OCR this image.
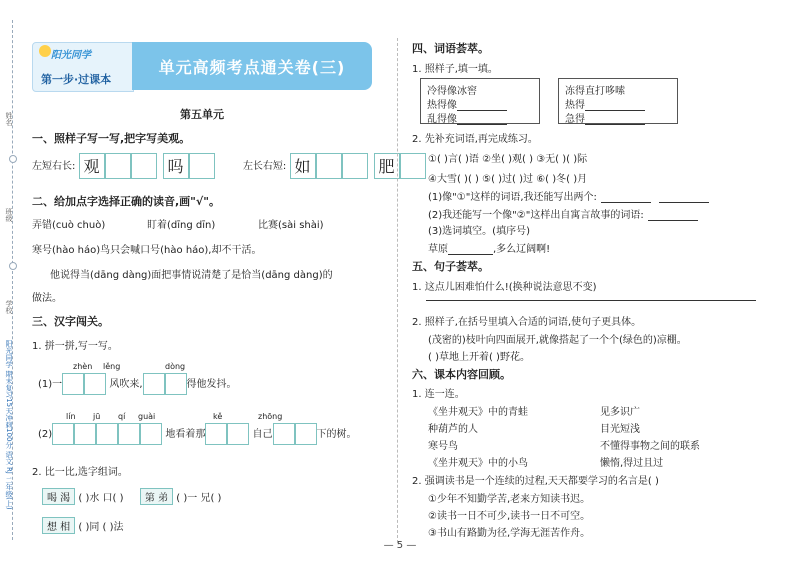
姓名
班级
学校
阳光同学 期末复习15天冲刺100分 语文 RJ 二年级(上)
阳光同学
第一步·过课本
单元高频考点通关卷(三)
第五单元
一、照样子写一写,把字写美观。
左短右长: 观	吗	左长右短: 如	肥
二、给加点字选择正确的读音,画"√"。
弄错(cuò chuò)	盯着(dīng dīn)	比赛(sài shài)
寒号(hào háo)鸟只会喊口号(hào háo),却不干活。
他说得当(dāng dàng)面把事情说清楚了是恰当(dāng dàng)的
做法。
三、汉字闯关。
1. 拼一拼,写一写。
zhèn lěng	dòng
(1)一	风吹来,	得他发抖。
lín jū qí guài	kě	zhōng
(2)	地看着那	自己	下的树。
2. 比一比,选字组词。
喝 渴 ( )水 口( ) 第 弟 ( )一 兄( )
想 相 ( )同 ( )法
四、词语荟萃。
1. 照样子,填一填。
冷得像冰窖
热得像
乱得像
冻得直打哆嗦
热得
急得
2. 先补充词语,再完成练习。
①( )言( )语 ②坐( )观( ) ③无( )( )际
④大雪( )( ) ⑤( )过( )过 ⑥( )冬( )月
(1)像"①"这样的词语,我还能写出两个:
(2)我还能写一个像"②"这样出自寓言故事的词语:
(3)选词填空。(填序号)
草原	,多么辽阔啊!
五、句子荟萃。
1. 这点儿困难怕什么!(换种说法意思不变)
2. 照样子,在括号里填入合适的词语,使句子更具体。
(茂密的)枝叶向四面展开,就像搭起了一个个(绿色的)凉棚。
( )草地上开着( )野花。
六、课本内容回顾。
1. 连一连。
《坐井观天》中的青蛙
种葫芦的人
寒号鸟
《坐井观天》中的小鸟
见多识广
目光短浅
不懂得事物之间的联系
懒惰,得过且过
2. 强调读书是一个连续的过程,天天都要学习的名言是( )
①少年不知勤学苦,老来方知读书迟。
②读书一日不可少,读书一日不可空。
③书山有路勤为径,学海无涯苦作舟。
— 5 —
